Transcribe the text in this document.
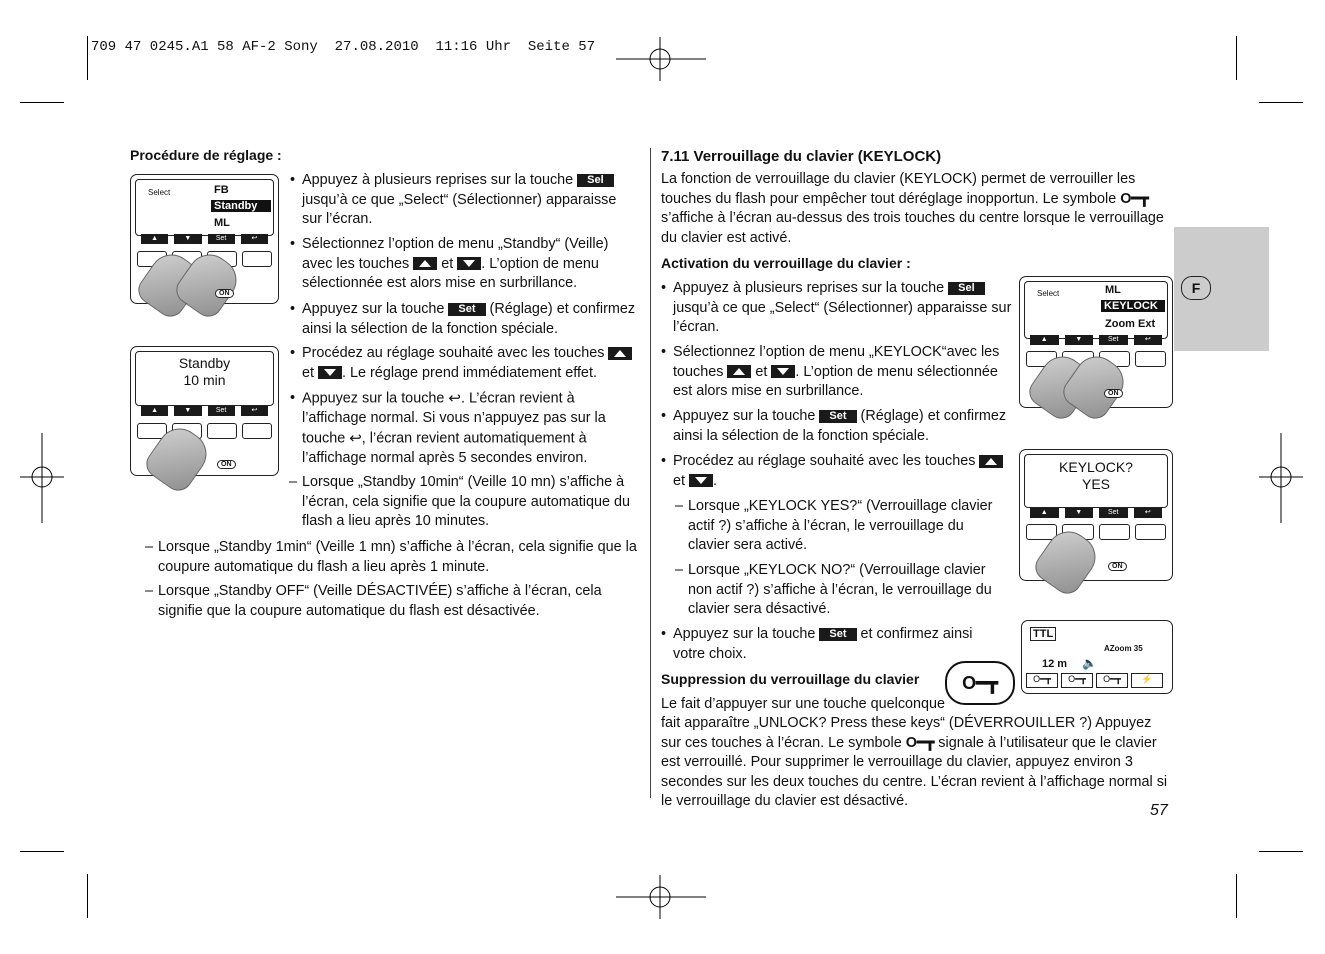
709 47 0245.A1 58 AF-2 Sony  27.08.2010  11:16 Uhr  Seite 57
F
Procédure de réglage :
Select	FB
Standby
ML
▲	▼	Set	↩
ON
Standby
10 min
▲	▼	Set	↩
ON
• Appuyez à plusieurs reprises sur la touche Sel jusqu’à ce que „Select“ (Sélectionner) apparaisse sur l’écran.
• Sélectionnez l’option de menu „Standby“ (Veille) avec les touches et . L’option de menu sélectionnée est alors mise en surbrillance.
• Appuyez sur la touche Set (Réglage) et confirmez ainsi la sélection de la fonction spéciale.
• Procédez au réglage souhaité avec les touches  et . Le réglage prend immédiatement effet.
• Appuyez sur la touche ↩. L’écran revient à l’affichage normal. Si vous n’appuyez pas sur la touche ↩, l’écran revient automatiquement à l’affichage normal après 5 secondes environ.
– Lorsque „Standby 10min“ (Veille 10 mn) s’affiche à l’écran, cela signifie que la coupure automatique du flash a lieu après 10 minutes.
– Lorsque „Standby 1min“ (Veille 1 mn) s’affiche à l’écran, cela signifie que la coupure automatique du flash a lieu après 1 minute.
– Lorsque „Standby OFF“ (Veille DÉSACTIVÉE) s’affiche à l’écran, cela signifie que la coupure automatique du flash est désactivée.
7.11 Verrouillage du clavier (KEYLOCK)
La fonction de verrouillage du clavier (KEYLOCK) permet de verrouiller les touches du flash pour empêcher tout déréglage inopportun. Le symbole O━┳ s’affiche à l’écran au-dessus des trois touches du centre lorsque le verrouillage du clavier est activé.
Activation du verrouillage du clavier :
Select	ML
KEYLOCK
Zoom Ext
▲	▼	Set	↩
ON
KEYLOCK?
YES
▲	▼	Set	↩
ON
TTL
AZoom 35
12 m 🔈
O━┳	O━┳	O━┳	⚡
O━┳
• Appuyez à plusieurs reprises sur la touche Sel jusqu’à ce que „Select“ (Sélectionner) apparaisse sur l’écran.
• Sélectionnez l’option de menu „KEYLOCK“avec les touches et . L’option de menu sélectionnée est alors mise en surbrillance.
• Appuyez sur la touche Set (Réglage) et confirmez ainsi la sélection de la fonction spéciale.
• Procédez au réglage souhaité avec les touches  et .
– Lorsque „KEYLOCK YES?“ (Verrouillage clavier actif ?) s’affiche à l’écran, le verrouillage du clavier sera activé.
– Lorsque „KEYLOCK NO?“ (Verrouillage clavier non actif ?) s’affiche à l’écran, le verrouillage du clavier sera désactivé.
• Appuyez sur la touche Set et confirmez ainsi votre choix.
Suppression du verrouillage du clavier
Le fait d’appuyer sur une touche quelconque
fait apparaître „UNLOCK? Press these keys“ (DÉVERROUILLER ?) Appuyez sur ces touches à l’écran. Le symbole O━┳ signale à l’utilisateur que le clavier est verrouillé. Pour supprimer le verrouillage du clavier, appuyez environ 3 secondes sur les deux touches du centre. L’écran revient à l’affichage normal si le verrouillage du clavier est désactivé.
57
